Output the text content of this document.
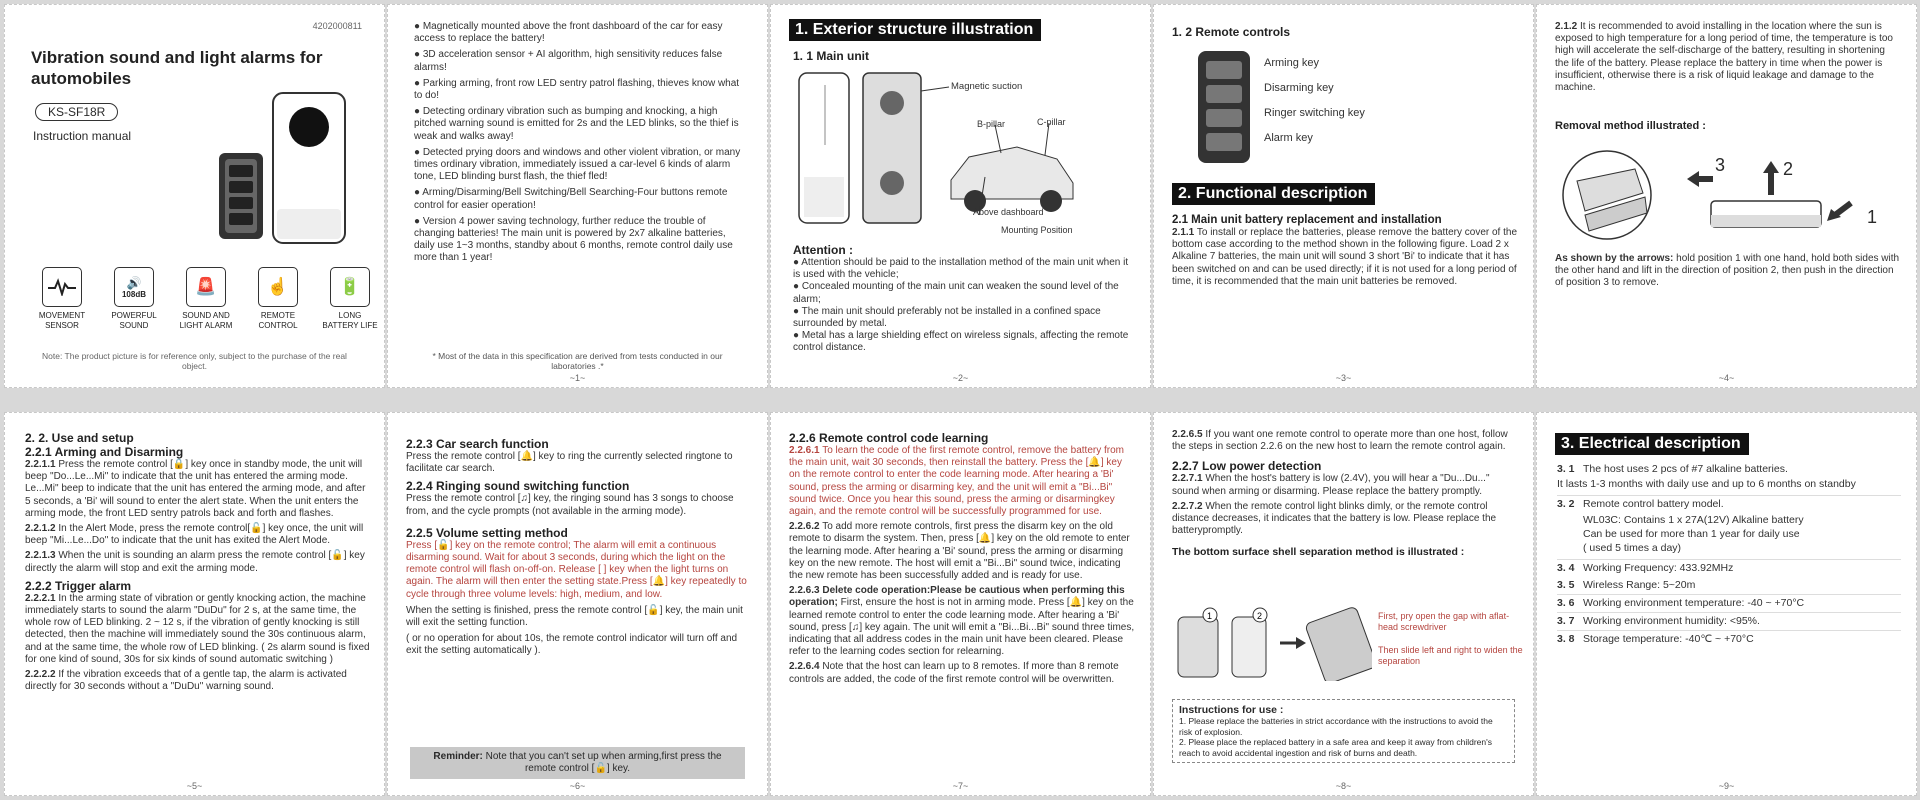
4202000811
Vibration sound and light alarms for automobiles
KS-SF18R
Instruction manual
MOVEMENT SENSOR
🔊
108dB
POWERFUL SOUND
🚨
SOUND AND LIGHT ALARM
☝
REMOTE CONTROL
🔋
LONG BATTERY LIFE
Note: The product picture is for reference only, subject to the purchase of the real object.
● Magnetically mounted above the front dashboard of the car for easy access to replace the battery!
● 3D acceleration sensor + AI algorithm, high sensitivity reduces false alarms!
● Parking arming, front row LED sentry patrol flashing, thieves know what to do!
● Detecting ordinary vibration such as bumping and knocking, a high pitched warning sound is emitted for 2s and the LED blinks, so the thief is weak and walks away!
● Detected prying doors and windows and other violent vibration, or many times ordinary vibration, immediately issued a car-level 6 kinds of alarm tone, LED blinding burst flash, the thief fled!
● Arming/Disarming/Bell Switching/Bell Searching-Four buttons remote control for easier operation!
● Version 4 power saving technology, further reduce the trouble of changing batteries! The main unit is powered by 2x7 alkaline batteries, daily use 1~3 months, standby about 6 months, remote control daily use more than 1 year!
* Most of the data in this specification are derived from tests conducted in our laboratories .*
~1~
1. Exterior structure illustration
1. 1 Main unit
Magnetic suction
B-pillar	C-pillar
Above dashboard
Mounting Position
Attention :
● Attention should be paid to the installation method of the main unit when it is used with the vehicle;
● Concealed mounting of the main unit can weaken the sound level of the alarm;
● The main unit should preferably not be installed in a confined space surrounded by metal.
● Metal has a large shielding effect on wireless signals, affecting the remote control distance.
~2~
1. 2 Remote controls
Arming key
Disarming key
Ringer switching key
Alarm key
2. Functional description
2.1 Main unit battery replacement and installation
2.1.1 To install or replace the batteries, please remove the battery cover of the bottom case according to the method shown in the following figure. Load 2 x Alkaline 7 batteries, the main unit will sound 3 short 'Bi' to indicate that it has been switched on and can be used directly; if it is not used for a long period of time, it is recommended that the main unit batteries be removed.
~3~
2.1.2 It is recommended to avoid installing in the location where the sun is exposed to high temperature for a long period of time, the temperature is too high will accelerate the self-discharge of the battery, resulting in shortening the life of the battery. Please replace the battery in time when the power is insufficient, otherwise there is a risk of liquid leakage and damage to the machine.
Removal method illustrated :
3	2
1
As shown by the arrows: hold position 1 with one hand, hold both sides with the other hand and lift in the direction of position 2, then push in the direction of position 3 to remove.
~4~
2. 2. Use and setup
2.2.1 Arming and Disarming
2.2.1.1 Press the remote control [🔒] key once in standby mode, the unit will beep "Do...Le...Mi" to indicate that the unit has entered the arming mode. Le...Mi" beep to indicate that the unit has entered the arming mode, and after 5 seconds, a 'Bi' will sound to enter the alert state. When the unit enters the arming mode, the front LED sentry patrols back and forth and flashes.
2.2.1.2 In the Alert Mode, press the remote control[🔓] key once, the unit will beep "Mi...Le...Do" to indicate that the unit has exited the Alert Mode.
2.2.1.3 When the unit is sounding an alarm press the remote control [🔓] key directly the alarm will stop and exit the arming mode.
2.2.2 Trigger alarm
2.2.2.1 In the arming state of vibration or gently knocking action, the machine immediately starts to sound the alarm "DuDu" for 2 s, at the same time, the whole row of LED blinking. 2 ~ 12 s, if the vibration of gently knocking is still detected, then the machine will immediately sound the 30s continuous alarm, and at the same time, the whole row of LED blinking. ( 2s alarm sound is fixed for one kind of sound, 30s for six kinds of sound automatic switching )
2.2.2.2 If the vibration exceeds that of a gentle tap, the alarm is activated directly for 30 seconds without a "DuDu" warning sound.
~5~
2.2.3 Car search function
Press the remote control [🔔] key to ring the currently selected ringtone to facilitate car search.
2.2.4 Ringing sound switching function
Press the remote control [♫] key, the ringing sound has 3 songs to choose from, and the cycle prompts (not available in the arming mode).
2.2.5 Volume setting method
Press [🔓] key on the remote control; The alarm will emit a continuous disarming sound. Wait for about 3 seconds, during which the light on the remote control will flash on-off-on. Release [ ] key when the light turns on again. The alarm will then enter the setting state.Press [🔔] key repeatedly to cycle through three volume levels: high, medium, and low.
When the setting is finished, press the remote control [🔓] key, the main unit will exit the setting function.
( or no operation for about 10s, the remote control indicator will turn off and exit the setting automatically ).
Reminder: Note that you can't set up when arming,first press the remote control [🔓] key.
~6~
2.2.6 Remote control code learning
2.2.6.1 To learn the code of the first remote control, remove the battery from the main unit, wait 30 seconds, then reinstall the battery. Press the [🔔] key on the remote control to enter the code learning mode. After hearing a 'Bi' sound, press the arming or disarming key, and the unit will emit a "Bi...Bi" sound twice. Once you hear this sound, press the arming or disarmingkey again, and the remote control will be successfully programmed for use.
2.2.6.2 To add more remote controls, first press the disarm key on the old remote to disarm the system. Then, press [🔔] key on the old remote to enter the learning mode. After hearing a 'Bi' sound, press the arming or disarming key on the new remote. The host will emit a "Bi...Bi" sound twice, indicating the new remote has been successfully added and is ready for use.
2.2.6.3 Delete code operation:Please be cautious when performing this operation; First, ensure the host is not in arming mode. Press [🔔] key on the learned remote control to enter the code learning mode. After hearing a 'Bi' sound, press [♫] key again. The unit will emit a "Bi...Bi...Bi" sound three times, indicating that all address codes in the main unit have been cleared. Please refer to the learning codes section for relearning.
2.2.6.4 Note that the host can learn up to 8 remotes. If more than 8 remote controls are added, the code of the first remote control will be overwritten.
~7~
2.2.6.5 If you want one remote control to operate more than one host, follow the steps in section 2.2.6 on the new host to learn the remote control again.
2.2.7 Low power detection
2.2.7.1 When the host's battery is low (2.4V), you will hear a "Du...Du..." sound when arming or disarming. Please replace the battery promptly.
2.2.7.2 When the remote control light blinks dimly, or the remote control distance decreases, it indicates that the battery is low. Please replace the batterypromptly.
The bottom surface shell separation method is illustrated :
1	2	First, pry open the gap with aflat-head screwdriver
Then slide left and right to widen the separation
Instructions for use :
1. Please replace the batteries in strict accordance with the instructions to avoid the risk of explosion.
2. Please place the replaced battery in a safe area and keep it away from children's reach to avoid accidental ingestion and risk of burns and death.
~8~
3. Electrical description
3. 1 The host uses 2 pcs of #7 alkaline batteries.
It lasts 1-3 months with daily use and up to 6 months on standby
3. 2 Remote control battery model.
WL03C: Contains 1 x 27A(12V) Alkaline battery
Can be used for more than 1 year for daily use
( used 5 times a day)
3. 4 Working Frequency: 433.92MHz
3. 5 Wireless Range: 5~20m
3. 6 Working environment temperature: -40 ~ +70°C
3. 7 Working environment humidity: <95%.
3. 8 Storage temperature: -40℃ ~ +70°C
~9~
